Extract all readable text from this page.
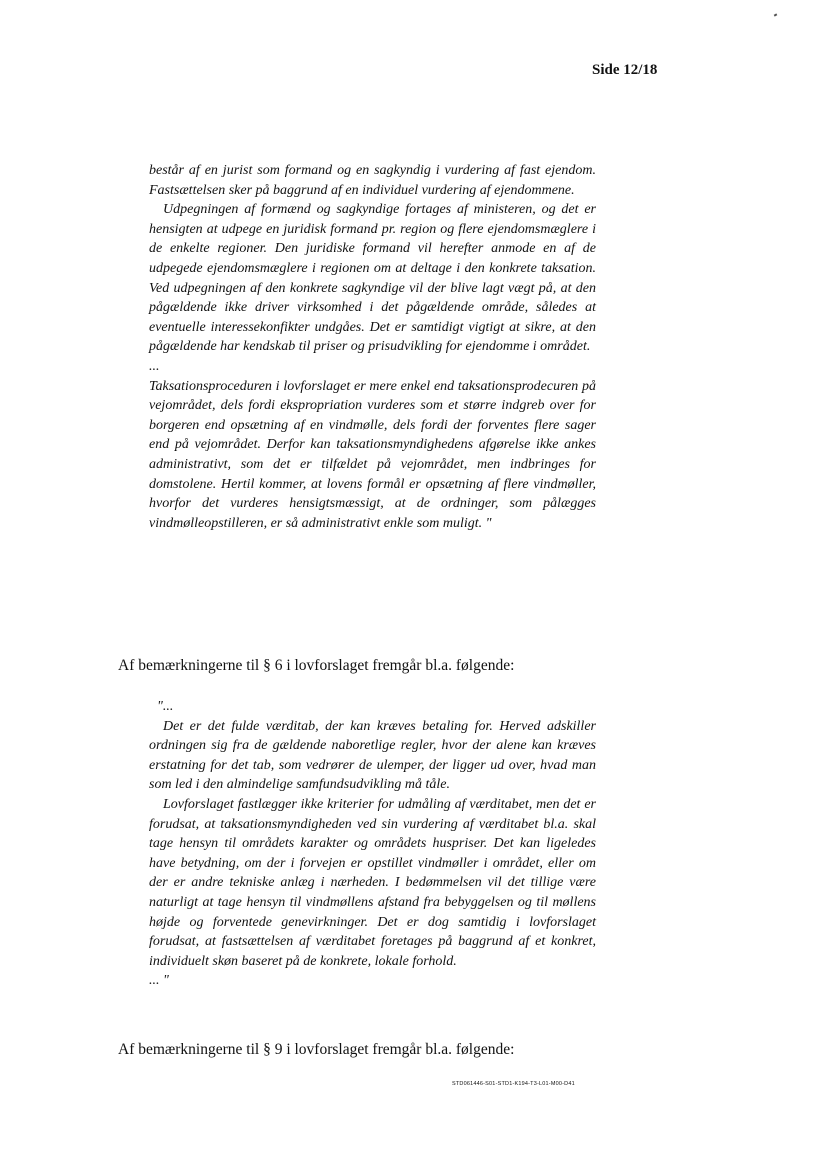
Side 12/18

består af en jurist som formand og en sagkyndig i vurdering af fast ejendom. Fastsættelsen sker på baggrund af en individuel vurdering af ejendommene.

Udpegningen af formænd og sagkyndige fortages af ministeren, og det er hensigten at udpege en juridisk formand pr. region og flere ejendomsmæglere i de enkelte regioner. Den juridiske formand vil herefter anmode en af de udpegede ejendomsmæglere i regionen om at deltage i den konkrete taksation. Ved udpegningen af den konkrete sagkyndige vil der blive lagt vægt på, at den pågældende ikke driver virksomhed i det pågældende område, således at eventuelle interessekonfikter undgåes. Det er samtidigt vigtigt at sikre, at den pågældende har kendskab til priser og prisudvikling for ejendomme i området.

...

Taksationsproceduren i lovforslaget er mere enkel end taksationsprodecuren på vejområdet, dels fordi ekspropriation vurderes som et større indgreb over for borgeren end opsætning af en vindmølle, dels fordi der forventes flere sager end på vejområdet. Derfor kan taksationsmyndighedens afgørelse ikke ankes administrativt, som det er tilfældet på vejområdet, men indbringes for domstolene. Hertil kommer, at lovens formål er opsætning af flere vindmøller, hvorfor det vurderes hensigtsmæssigt, at de ordninger, som pålægges vindmølleopstilleren, er så administrativt enkle som muligt. "

Af bemærkningerne til § 6 i lovforslaget fremgår bl.a. følgende:

"...

Det er det fulde værditab, der kan kræves betaling for. Herved adskiller ordningen sig fra de gældende naboretlige regler, hvor der alene kan kræves erstatning for det tab, som vedrører de ulemper, der ligger ud over, hvad man som led i den almindelige samfundsudvikling må tåle.

Lovforslaget fastlægger ikke kriterier for udmåling af værditabet, men det er forudsat, at taksationsmyndigheden ved sin vurdering af værditabet bl.a. skal tage hensyn til områdets karakter og områdets huspriser. Det kan ligeledes have betydning, om der i forvejen er opstillet vindmøller i området, eller om der er andre tekniske anlæg i nærheden. I bedømmelsen vil det tillige være naturligt at tage hensyn til vindmøllens afstand fra bebyggelsen og til møllens højde og forventede genevirkninger. Det er dog samtidig i lovforslaget forudsat, at fastsættelsen af værditabet foretages på baggrund af et konkret, individuelt skøn baseret på de konkrete, lokale forhold.

... "

Af bemærkningerne til § 9 i lovforslaget fremgår bl.a. følgende:
STD061446-S01-STD1-K194-T3-L01-M00-D41
